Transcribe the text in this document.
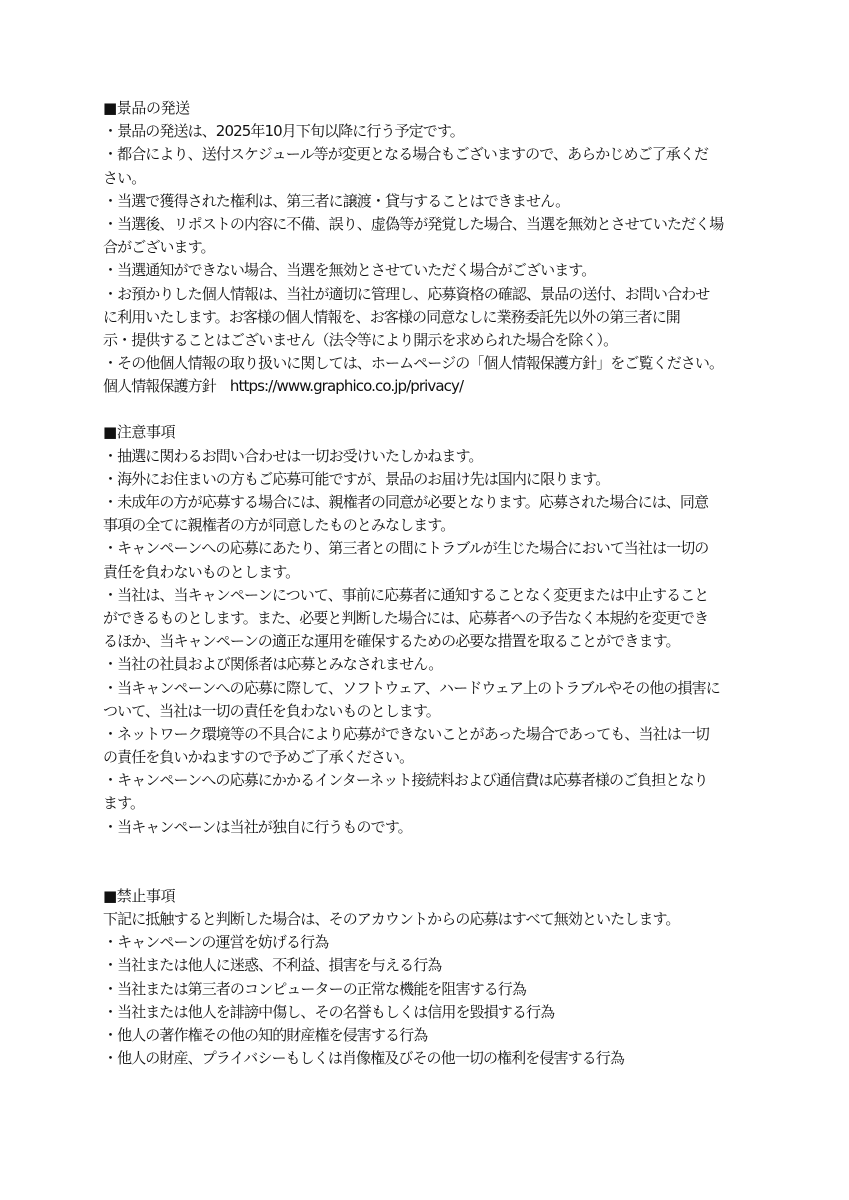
■景品の発送
・景品の発送は、2025年10月下旬以降に行う予定です。
・都合により、送付スケジュール等が変更となる場合もございますので、あらかじめご了承くだ
さい。
・当選で獲得された権利は、第三者に譲渡・貸与することはできません。
・当選後、リポストの内容に不備、誤り、虚偽等が発覚した場合、当選を無効とさせていただく場
合がございます。
・当選通知ができない場合、当選を無効とさせていただく場合がございます。
・お預かりした個人情報は、当社が適切に管理し、応募資格の確認、景品の送付、お問い合わせ
に利用いたします。お客様の個人情報を、お客様の同意なしに業務委託先以外の第三者に開
示・提供することはございません（法令等により開示を求められた場合を除く）。
・その他個人情報の取り扱いに関しては、ホームページの「個人情報保護方針」をご覧ください。
個人情報保護方針　https://www.graphico.co.jp/privacy/
■注意事項
・抽選に関わるお問い合わせは一切お受けいたしかねます。
・海外にお住まいの方もご応募可能ですが、景品のお届け先は国内に限ります。
・未成年の方が応募する場合には、親権者の同意が必要となります。応募された場合には、同意
事項の全てに親権者の方が同意したものとみなします。
・キャンペーンへの応募にあたり、第三者との間にトラブルが生じた場合において当社は一切の
責任を負わないものとします。
・当社は、当キャンペーンについて、事前に応募者に通知することなく変更または中止すること
ができるものとします。また、必要と判断した場合には、応募者への予告なく本規約を変更でき
るほか、当キャンペーンの適正な運用を確保するための必要な措置を取ることができます。
・当社の社員および関係者は応募とみなされません。
・当キャンペーンへの応募に際して、ソフトウェア、ハードウェア上のトラブルやその他の損害に
ついて、当社は一切の責任を負わないものとします。
・ネットワーク環境等の不具合により応募ができないことがあった場合であっても、当社は一切
の責任を負いかねますので予めご了承ください。
・キャンペーンへの応募にかかるインターネット接続料および通信費は応募者様のご負担となり
ます。
・当キャンペーンは当社が独自に行うものです。
■禁止事項
下記に抵触すると判断した場合は、そのアカウントからの応募はすべて無効といたします。
・キャンペーンの運営を妨げる行為
・当社または他人に迷惑、不利益、損害を与える行為
・当社または第三者のコンピューターの正常な機能を阻害する行為
・当社または他人を誹謗中傷し、その名誉もしくは信用を毀損する行為
・他人の著作権その他の知的財産権を侵害する行為
・他人の財産、プライバシーもしくは肖像権及びその他一切の権利を侵害する行為
